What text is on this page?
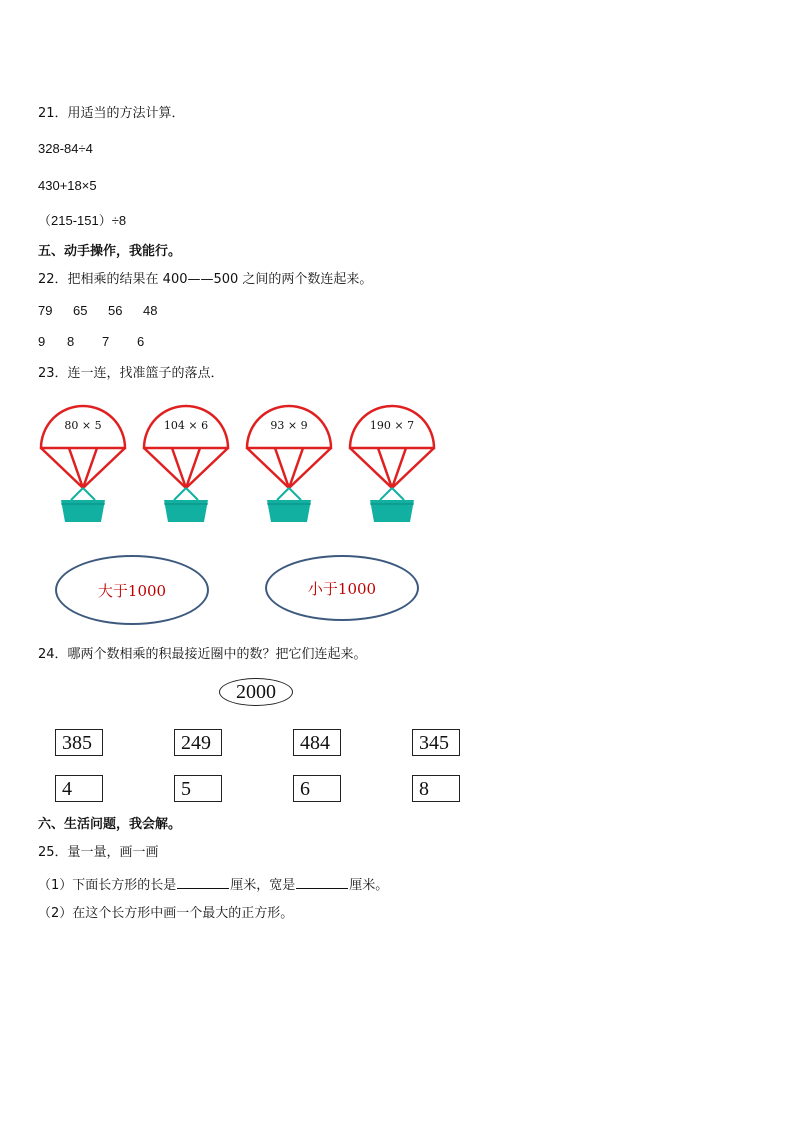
21．用适当的方法计算．
328-84÷4
430+18×5
（215-151）÷8
五、动手操作，我能行。
22．把相乘的结果在 400——500 之间的两个数连起来。
79 65 56 48
9 8 7 6
23．连一连，找准篮子的落点．
80 × 5	104 × 6	93 × 9	190 × 7
大于1000	小于1000
24．哪两个数相乘的积最接近圈中的数？把它们连起来。
2000
385	249	484	345
4	5	6	8
六、生活问题，我会解。
25．量一量，画一画
（1）下面长方形的长是	厘米，宽是	厘米。
（2）在这个长方形中画一个最大的正方形。
